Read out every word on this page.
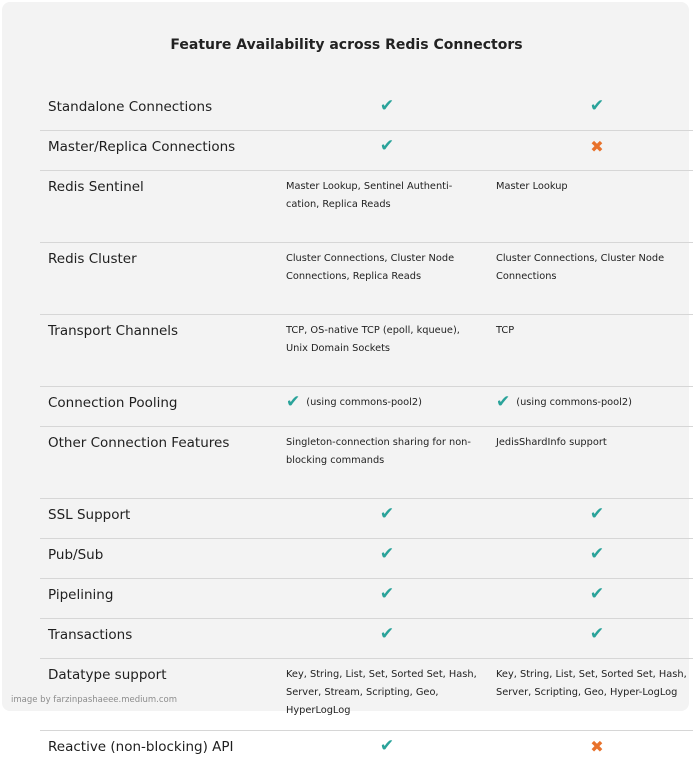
Feature Availability across Redis Connectors
Standalone Connections	✔	✔

Master/Replica Connections	✔	✖

Redis Sentinel	Master Lookup, Sentinel Authenti-cation, Replica Reads	Master Lookup

Redis Cluster	Cluster Connections, Cluster Node Connections, Replica Reads	Cluster Connections, Cluster Node Connections

Transport Channels	TCP, OS-native TCP (epoll, kqueue), Unix Domain Sockets	TCP

Connection Pooling	✔ (using commons-pool2)	✔ (using commons-pool2)

Other Connection Features	Singleton-connection sharing for non-blocking commands	JedisShardInfo support

SSL Support	✔	✔

Pub/Sub	✔	✔

Pipelining	✔	✔

Transactions	✔	✔

Datatype support	Key, String, List, Set, Sorted Set, Hash, Server, Stream, Scripting, Geo, HyperLogLog	Key, String, List, Set, Sorted Set, Hash, Server, Scripting, Geo, Hyper-LogLog

Reactive (non-blocking) API	✔	✖
image by farzinpashaeee.medium.com
